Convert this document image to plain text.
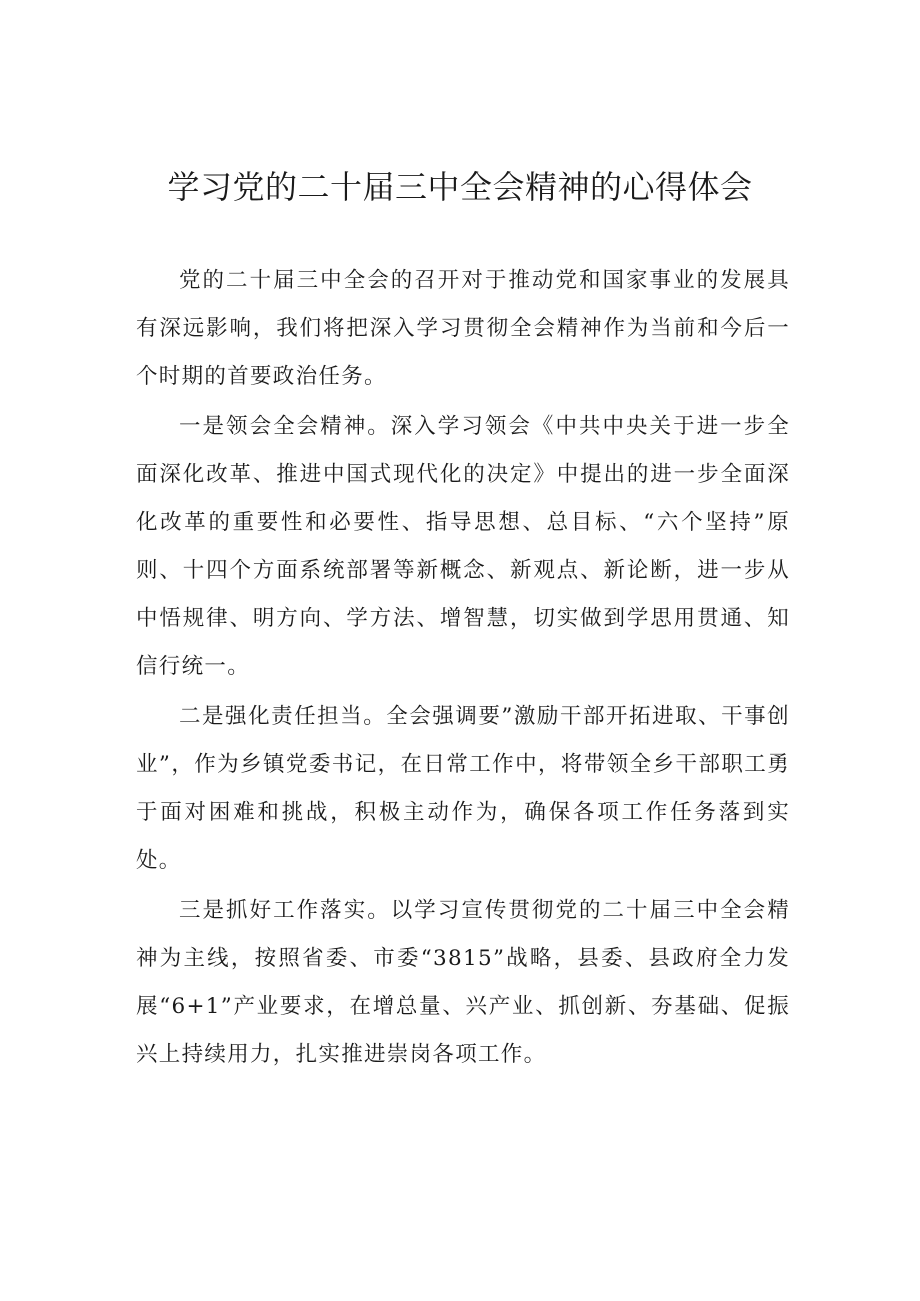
学习党的二十届三中全会精神的心得体会

党的二十届三中全会的召开对于推动党和国家事业的发展具有深远影响，我们将把深入学习贯彻全会精神作为当前和今后一个时期的首要政治任务。

一是领会全会精神。深入学习领会《中共中央关于进一步全面深化改革、推进中国式现代化的决定》中提出的进一步全面深化改革的重要性和必要性、指导思想、总目标、“六个坚持”原则、十四个方面系统部署等新概念、新观点、新论断，进一步从中悟规律、明方向、学方法、增智慧，切实做到学思用贯通、知信行统一。

二是强化责任担当。全会强调要”激励干部开拓进取、干事创业”，作为乡镇党委书记，在日常工作中，将带领全乡干部职工勇于面对困难和挑战，积极主动作为，确保各项工作任务落到实处。

三是抓好工作落实。以学习宣传贯彻党的二十届三中全会精神为主线，按照省委、市委“3815”战略，县委、县政府全力发展“6+1”产业要求，在增总量、兴产业、抓创新、夯基础、促振兴上持续用力，扎实推进崇岗各项工作。
